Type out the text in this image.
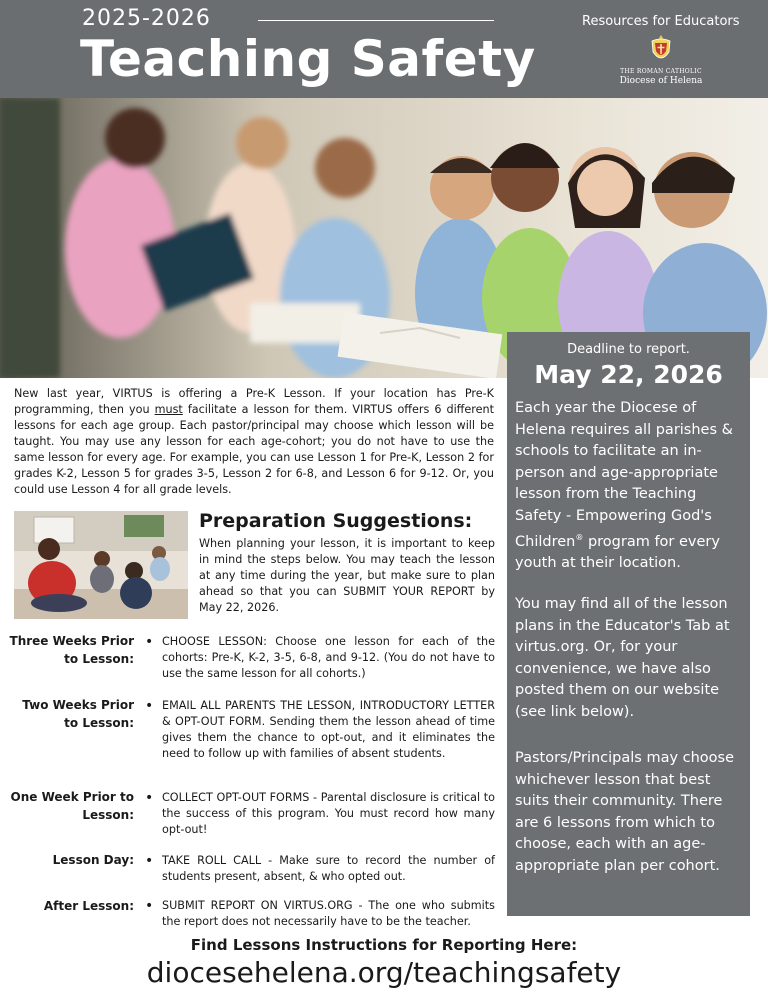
2025-2026
Teaching Safety
Resources for Educators
THE ROMAN CATHOLIC
Diocese of Helena
Deadline to report.
May 22, 2026
Each year the Diocese of Helena requires all parishes & schools to facilitate an in-person and age-appropriate lesson from the Teaching Safety - Empowering God's Children® program for every youth at their location.
You may find all of the lesson plans in the Educator's Tab at virtus.org. Or, for your convenience, we have also posted them on our website (see link below).
Pastors/Principals may choose whichever lesson that best suits their community. There are 6 lessons from which to choose, each with an age-appropriate plan per cohort.
New last year, VIRTUS is offering a Pre-K Lesson. If your location has Pre-K programming, then you must facilitate a lesson for them. VIRTUS offers 6 different lessons for each age group. Each pastor/principal may choose which lesson will be taught. You may use any lesson for each age-cohort; you do not have to use the same lesson for every age. For example, you can use Lesson 1 for Pre-K, Lesson 2 for grades K-2, Lesson 5 for grades 3-5, Lesson 2 for 6-8, and Lesson 6 for 9-12. Or, you could use Lesson 4 for all grade levels.
Preparation Suggestions:
When planning your lesson, it is important to keep in mind the steps below. You may teach the lesson at any time during the year, but make sure to plan ahead so that you can SUBMIT YOUR REPORT by May 22, 2026.
Three Weeks Prior to Lesson:
• CHOOSE LESSON: Choose one lesson for each of the cohorts: Pre-K, K-2, 3-5, 6-8, and 9-12. (You do not have to use the same lesson for all cohorts.)
Two Weeks Prior to Lesson:
• EMAIL ALL PARENTS THE LESSON, INTRODUCTORY LETTER & OPT-OUT FORM. Sending them the lesson ahead of time gives them the chance to opt-out, and it eliminates the need to follow up with families of absent students.
One Week Prior to Lesson:
• COLLECT OPT-OUT FORMS - Parental disclosure is critical to the success of this program. You must record how many opt-out!
Lesson Day: • TAKE ROLL CALL - Make sure to record the number of students present, absent, & who opted out.
After Lesson: • SUBMIT REPORT ON VIRTUS.ORG - The one who submits the report does not necessarily have to be the teacher.
Find Lessons Instructions for Reporting Here:
diocesehelena.org/teachingsafety
